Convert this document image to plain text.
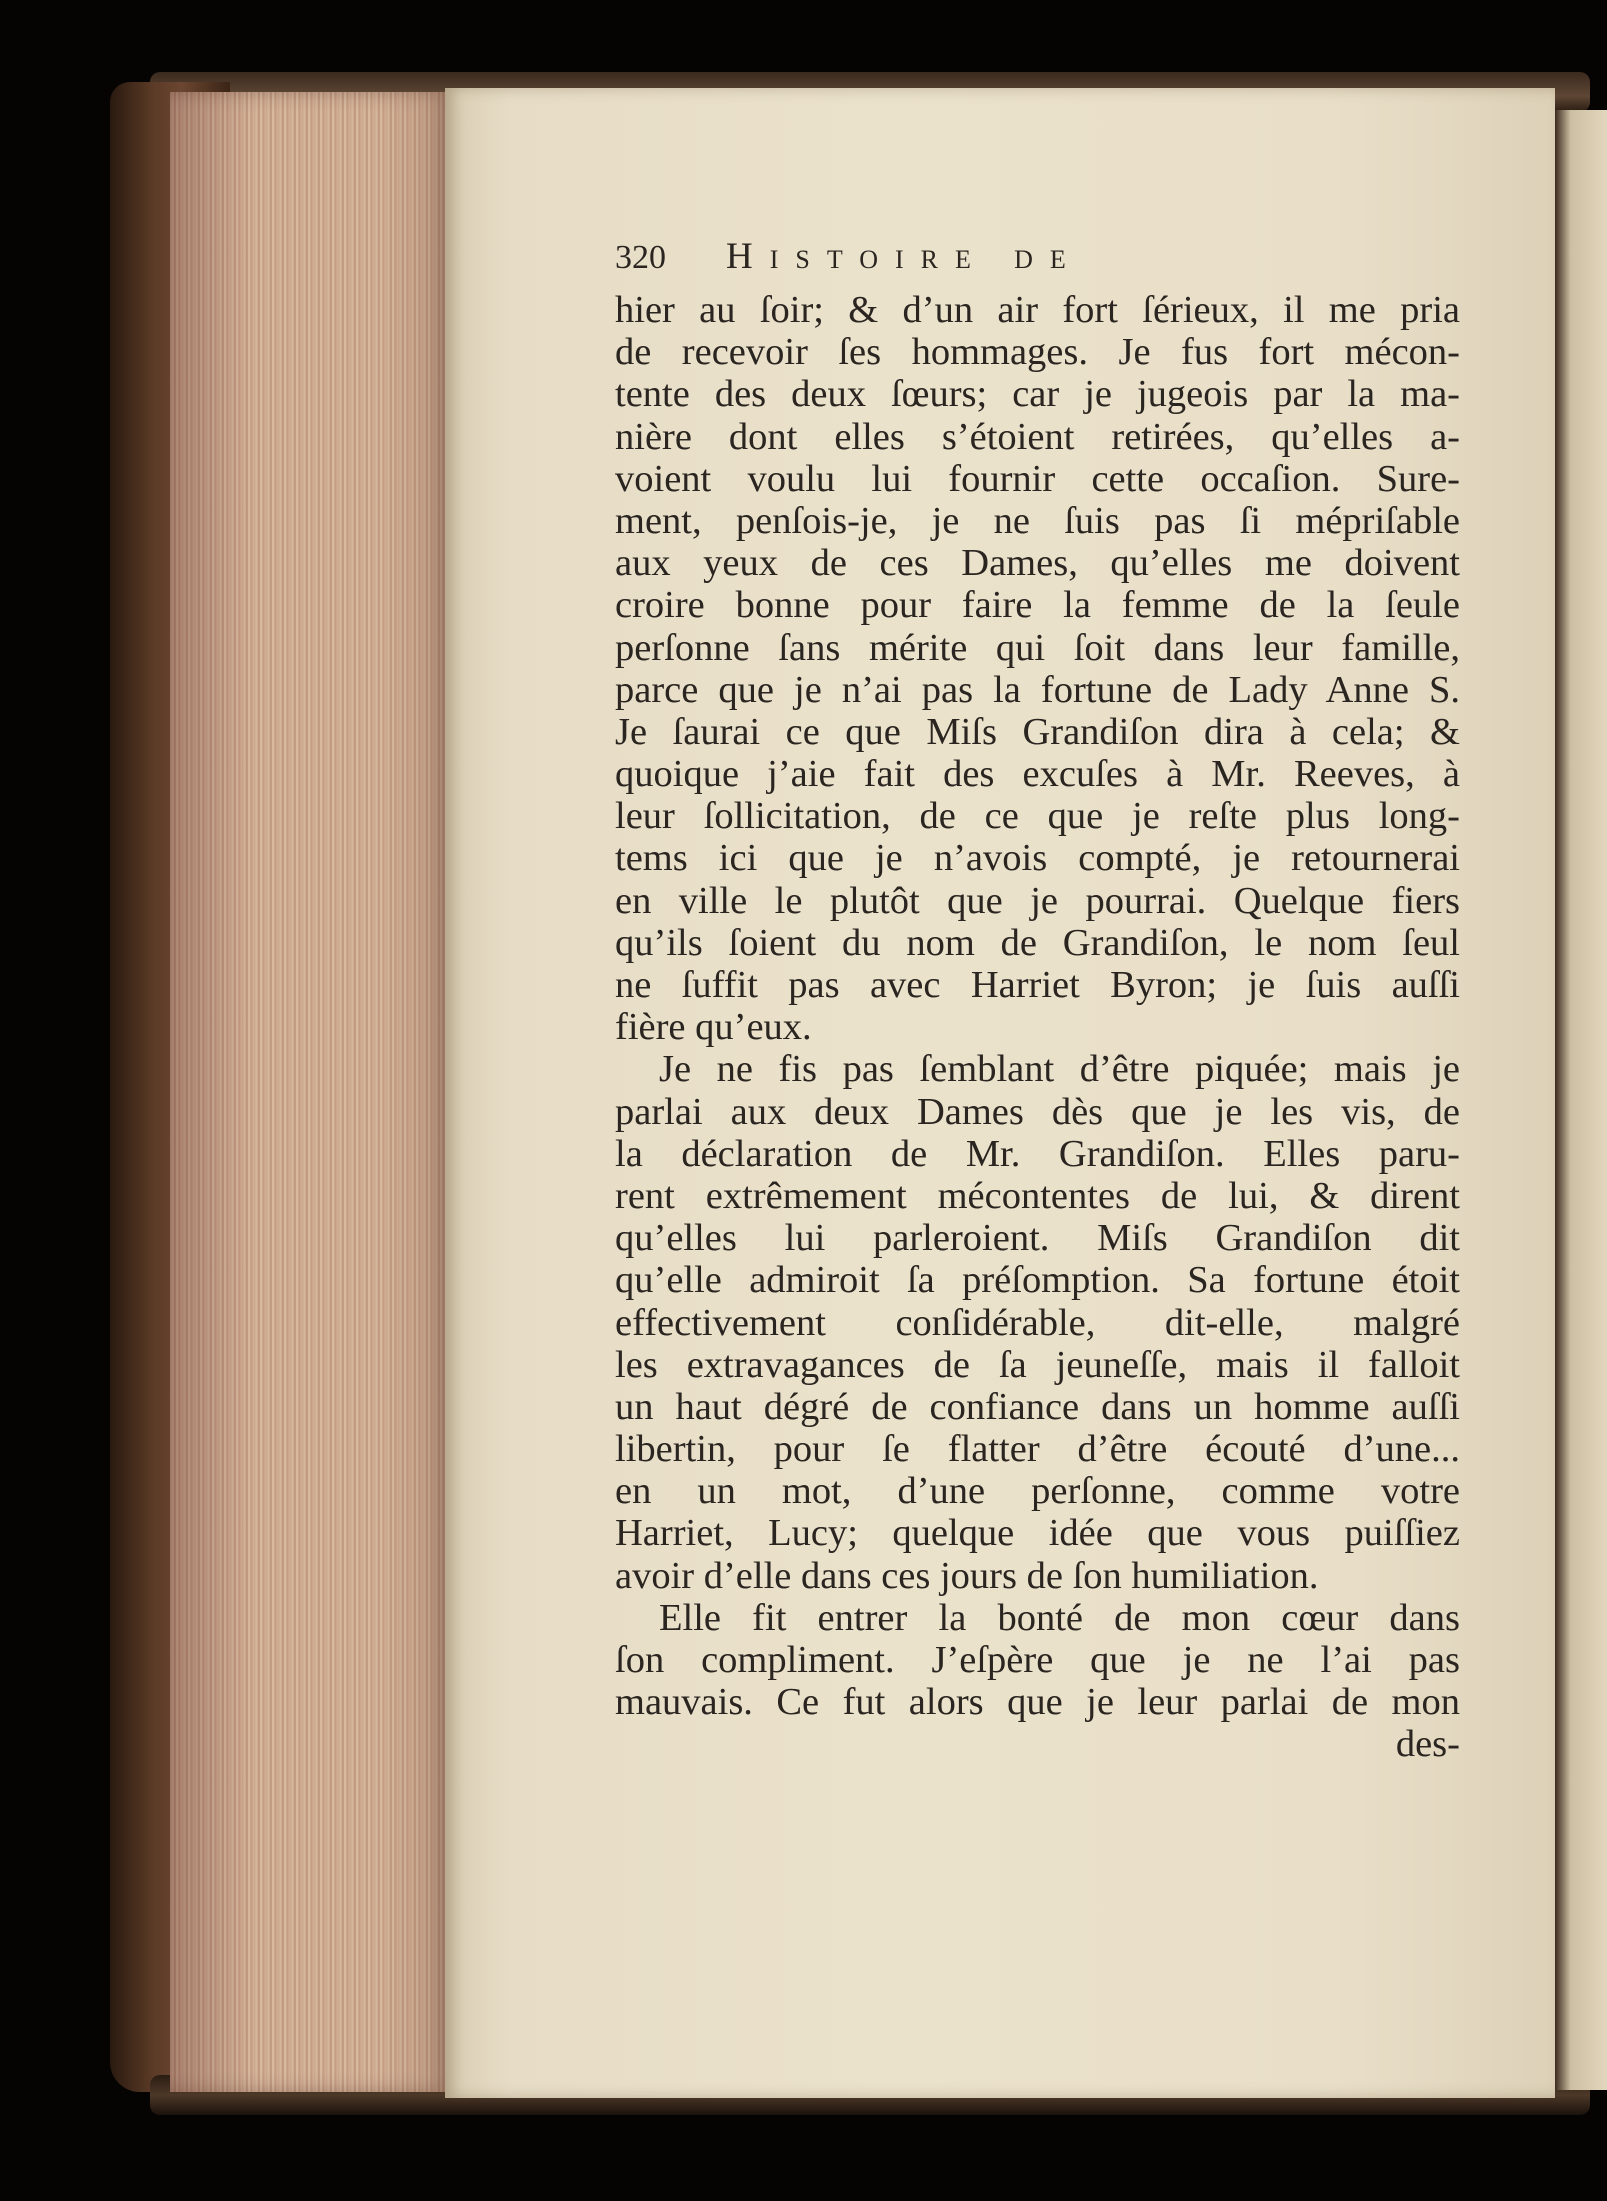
320 Histoire de
hier au ſoir; & d’un air fort ſérieux, il me pria
de recevoir ſes hommages. Je fus fort mécon-
tente des deux ſœurs; car je jugeois par la ma-
nière dont elles s’étoient retirées, qu’elles a-
voient voulu lui fournir cette occaſion. Sure-
ment, penſois-je, je ne ſuis pas ſi mépriſable
aux yeux de ces Dames, qu’elles me doivent
croire bonne pour faire la femme de la ſeule
perſonne ſans mérite qui ſoit dans leur famille,
parce que je n’ai pas la fortune de Lady Anne S.
Je ſaurai ce que Miſs Grandiſon dira à cela; &
quoique j’aie fait des excuſes à Mr. Reeves, à
leur ſollicitation, de ce que je reſte plus long-
tems ici que je n’avois compté, je retournerai
en ville le plutôt que je pourrai. Quelque fiers
qu’ils ſoient du nom de Grandiſon, le nom ſeul
ne ſuffit pas avec Harriet Byron; je ſuis auſſi
fière qu’eux.
Je ne fis pas ſemblant d’être piquée; mais je
parlai aux deux Dames dès que je les vis, de
la déclaration de Mr. Grandiſon. Elles paru-
rent extrêmement mécontentes de lui, & dirent
qu’elles lui parleroient. Miſs Grandiſon dit
qu’elle admiroit ſa préſomption. Sa fortune étoit
effectivement conſidérable, dit-elle, malgré
les extravagances de ſa jeuneſſe, mais il falloit
un haut dégré de confiance dans un homme auſſi
libertin, pour ſe flatter d’être écouté d’une...
en un mot, d’une perſonne, comme votre
Harriet, Lucy; quelque idée que vous puiſſiez
avoir d’elle dans ces jours de ſon humiliation.
Elle fit entrer la bonté de mon cœur dans
ſon compliment. J’eſpère que je ne l’ai pas
mauvais. Ce fut alors que je leur parlai de mon
des-
